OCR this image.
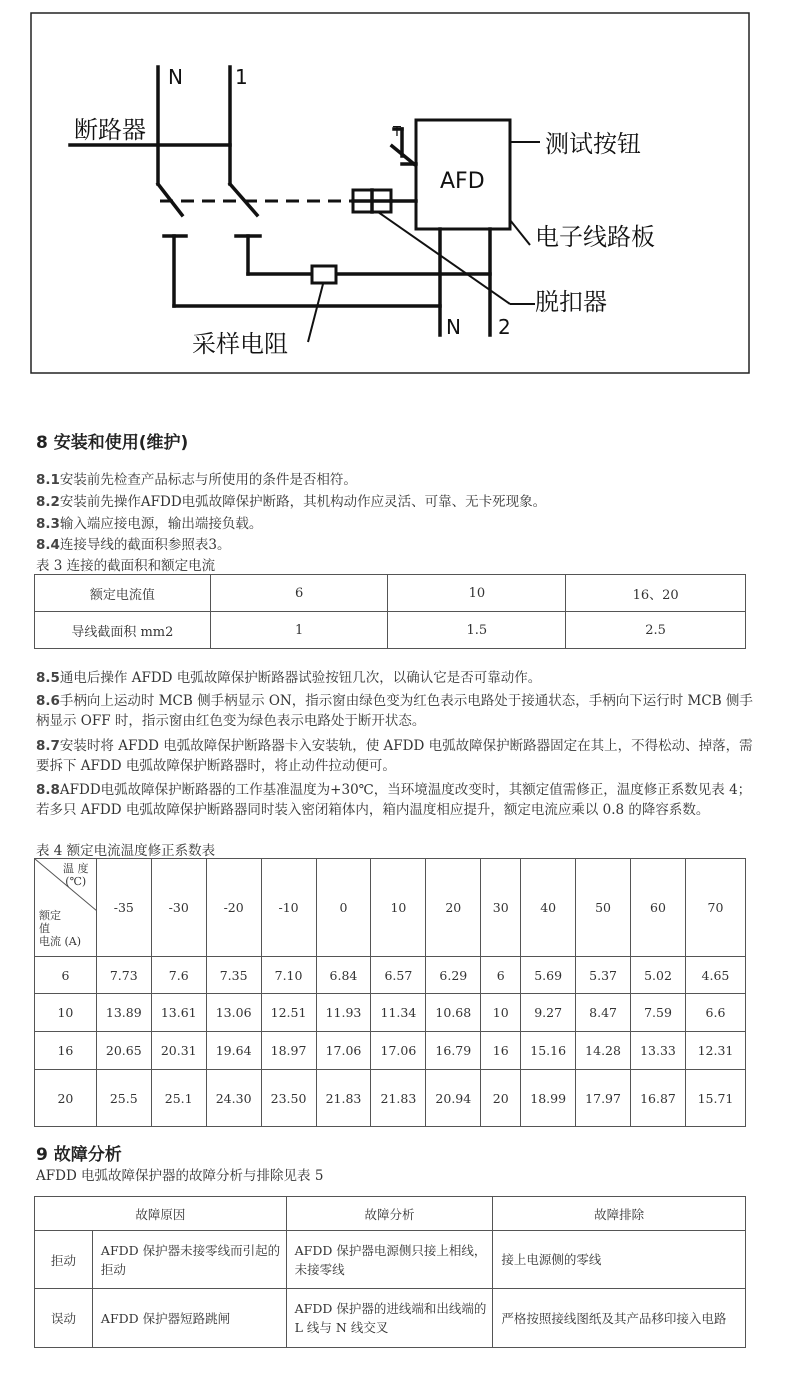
断路器
N	1
T
AFD
测试按钮
电子线路板
脱扣器
采样电阻
N 2
8 安装和使用(维护)

8.1安装前先检查产品标志与所使用的条件是否相符。

8.2安装前先操作AFDD电弧故障保护断路，其机构动作应灵活、可靠、无卡死现象。

8.3输入端应接电源，输出端接负载。

8.4连接导线的截面积参照表3。

表 3 连接的截面积和额定电流
额定电流值	6	10	16、20
导线截面积 mm2	1	1.5	2.5

8.5通电后操作 AFDD 电弧故障保护断路器试验按钮几次，以确认它是否可靠动作。

8.6手柄向上运动时 MCB 侧手柄显示 ON，指示窗由绿色变为红色表示电路处于接通状态，手柄向下运行时 MCB 侧手柄显示 OFF 时，指示窗由红色变为绿色表示电路处于断开状态。

8.7安装时将 AFDD 电弧故障保护断路器卡入安装轨，使 AFDD 电弧故障保护断路器固定在其上，不得松动、掉落，需要拆下 AFDD 电弧故障保护断路器时，将止动件拉动便可。

8.8AFDD电弧故障保护断路器的工作基准温度为+30℃，当环境温度改变时，其额定值需修正，温度修正系数见表 4；若多只 AFDD 电弧故障保护断路器同时装入密闭箱体内，箱内温度相应提升，额定电流应乘以 0.8 的降容系数。

表 4 额定电流温度修正系数表
温 度
(℃)
额定
值
电流 (A)	-35	-30	-20	-10	0	10	20	30	40	50	60	70
6	7.73	7.6	7.35	7.10	6.84	6.57	6.29	6	5.69	5.37	5.02	4.65
10	13.89	13.61	13.06	12.51	11.93	11.34	10.68	10	9.27	8.47	7.59	6.6
16	20.65	20.31	19.64	18.97	17.06	17.06	16.79	16	15.16	14.28	13.33	12.31
20	25.5	25.1	24.30	23.50	21.83	21.83	20.94	20	18.99	17.97	16.87	15.71
9 故障分析
AFDD 电弧故障保护器的故障分析与排除见表 5
故障原因		故障分析	故障排除
拒动	AFDD 保护器未接零线而引起的拒动	AFDD 保护器电源侧只接上相线，未接零线	接上电源侧的零线
误动	AFDD 保护器短路跳闸	AFDD 保护器的进线端和出线端的 L 线与 N 线交叉	严格按照接线图纸及其产品移印接入电路
